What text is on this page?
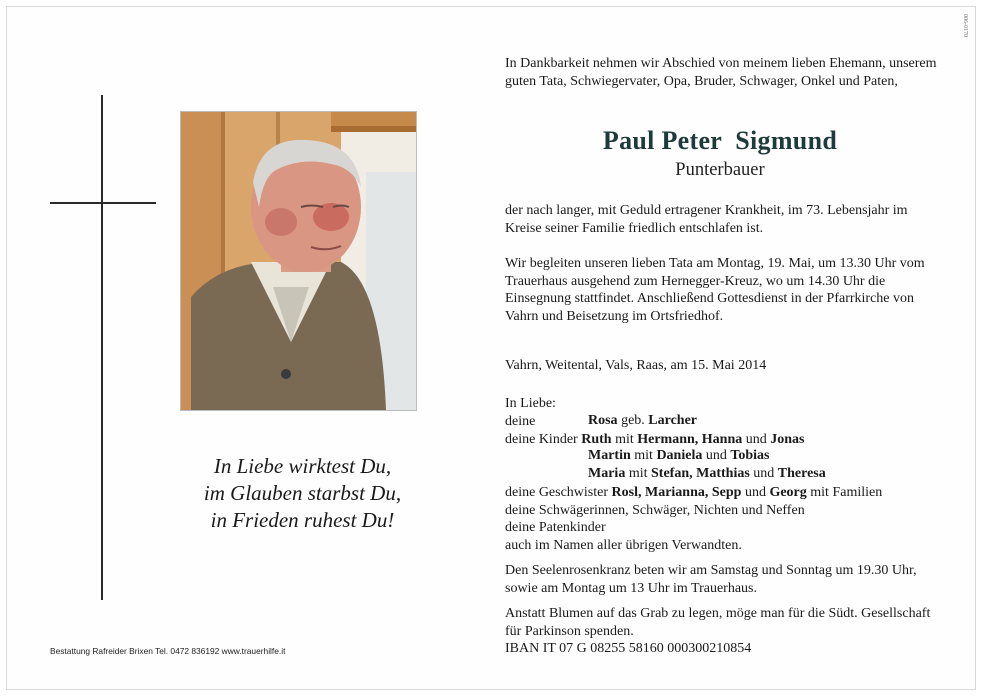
006-0170
In Liebe wirktest Du,
im Glauben starbst Du,
in Frieden ruhest Du!
Bestattung Rafreider Brixen Tel. 0472 836192 www.trauerhilfe.it
In Dankbarkeit nehmen wir Abschied von meinem lieben Ehemann, unserem guten Tata, Schwiegervater, Opa, Bruder, Schwager, Onkel und Paten,
Paul Peter  Sigmund
Punterbauer
der nach langer, mit Geduld ertragener Krankheit, im 73. Lebensjahr im Kreise seiner Familie friedlich entschlafen ist.
Wir begleiten unseren lieben Tata am Montag, 19. Mai, um 13.30 Uhr vom Trauerhaus ausgehend zum Hernegger-Kreuz, wo um 14.30 Uhr die Einsegnung stattfindet. Anschließend Gottesdienst in der Pfarrkirche von Vahrn und Beisetzung im Ortsfriedhof.
Vahrn, Weitental, Vals, Raas, am 15. Mai 2014
In Liebe:
deine	Rosa geb. Larcher
deine Kinder Ruth mit Hermann, Hanna und Jonas
Martin mit Daniela und Tobias
Maria mit Stefan, Matthias und Theresa
deine Geschwister Rosl, Marianna, Sepp und Georg mit Familien
deine Schwägerinnen, Schwäger, Nichten und Neffen
deine Patenkinder
auch im Namen aller übrigen Verwandten.
Den Seelenrosenkranz beten wir am Samstag und Sonntag um 19.30 Uhr, sowie am Montag um 13 Uhr im Trauerhaus.
Anstatt Blumen auf das Grab zu legen, möge man für die Südt. Gesellschaft für Parkinson spenden.
IBAN IT 07 G 08255 58160 000300210854
